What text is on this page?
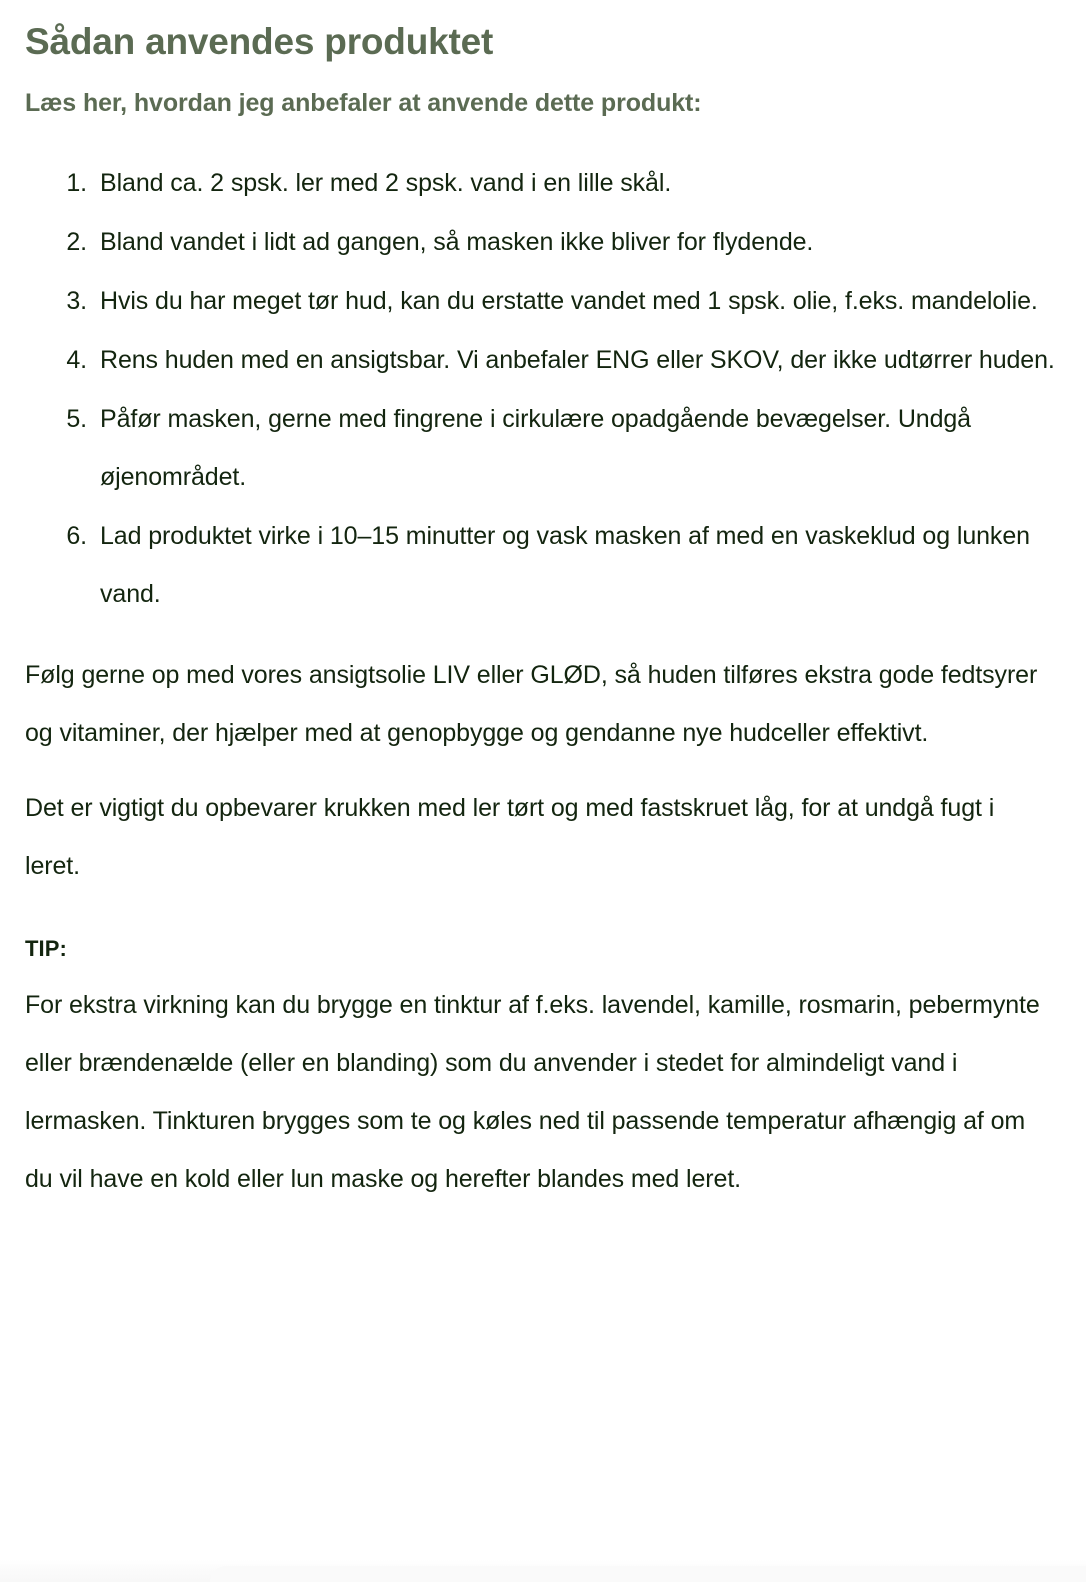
Sådan anvendes produktet

Læs her, hvordan jeg anbefaler at anvende dette produkt:

1. Bland ca. 2 spsk. ler med 2 spsk. vand i en lille skål.
2. Bland vandet i lidt ad gangen, så masken ikke bliver for flydende.
3. Hvis du har meget tør hud, kan du erstatte vandet med 1 spsk. olie, f.eks. mandelolie.
4. Rens huden med en ansigtsbar. Vi anbefaler ENG eller SKOV, der ikke udtørrer huden.
5. Påfør masken, gerne med fingrene i cirkulære opadgående bevægelser. Undgå øjenområdet.
6. Lad produktet virke i 10–15 minutter og vask masken af med en vaskeklud og lunken vand.

Følg gerne op med vores ansigtsolie LIV eller GLØD, så huden tilføres ekstra gode fedtsyrer og vitaminer, der hjælper med at genopbygge og gendanne nye hudceller effektivt.

Det er vigtigt du opbevarer krukken med ler tørt og med fastskruet låg, for at undgå fugt i leret.

TIP:

For ekstra virkning kan du brygge en tinktur af f.eks. lavendel, kamille, rosmarin, pebermynte eller brændenælde (eller en blanding) som du anvender i stedet for almindeligt vand i lermasken. Tinkturen brygges som te og køles ned til passende temperatur afhængig af om du vil have en kold eller lun maske og herefter blandes med leret.
